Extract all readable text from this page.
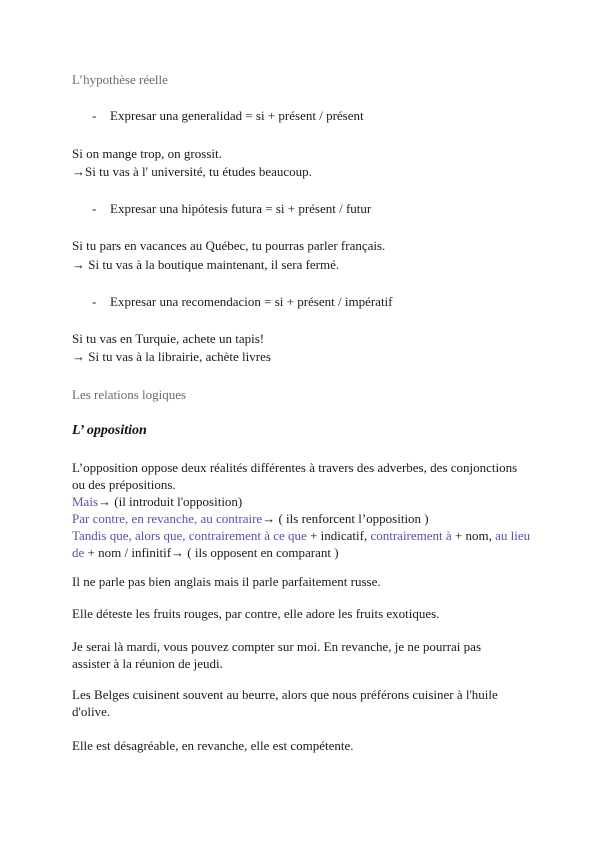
L’hypothèse réelle
- Expresar una generalidad = si + présent / présent
Si on mange trop, on grossit.
→Si tu vas à l' université, tu études beaucoup.
- Expresar una hipótesis futura = si + présent / futur
Si tu pars en vacances au Québec, tu pourras parler français.
→ Si tu vas à la boutique maintenant, il sera fermé.
- Expresar una recomendacion = si + présent / impératif
Si tu vas en Turquie, achete un tapis!
→ Si tu vas à la librairie, achète livres
Les relations logiques
L’ opposition
L’opposition oppose deux réalités différentes à travers des adverbes, des conjonctions ou des prépositions.
Mais→ (il introduit l'opposition)
Par contre, en revanche, au contraire→ ( ils renforcent l’opposition )
Tandis que, alors que, contrairement à ce que + indicatif, contrairement à + nom, au lieu de + nom / infinitif→ ( ils opposent en comparant )
Il ne parle pas bien anglais mais il parle parfaitement russe.
Elle déteste les fruits rouges, par contre, elle adore les fruits exotiques.
Je serai là mardi, vous pouvez compter sur moi. En revanche, je ne pourrai pas assister à la réunion de jeudi.
Les Belges cuisinent souvent au beurre, alors que nous préférons cuisiner à l'huile d'olive.
Elle est désagréable, en revanche, elle est compétente.
